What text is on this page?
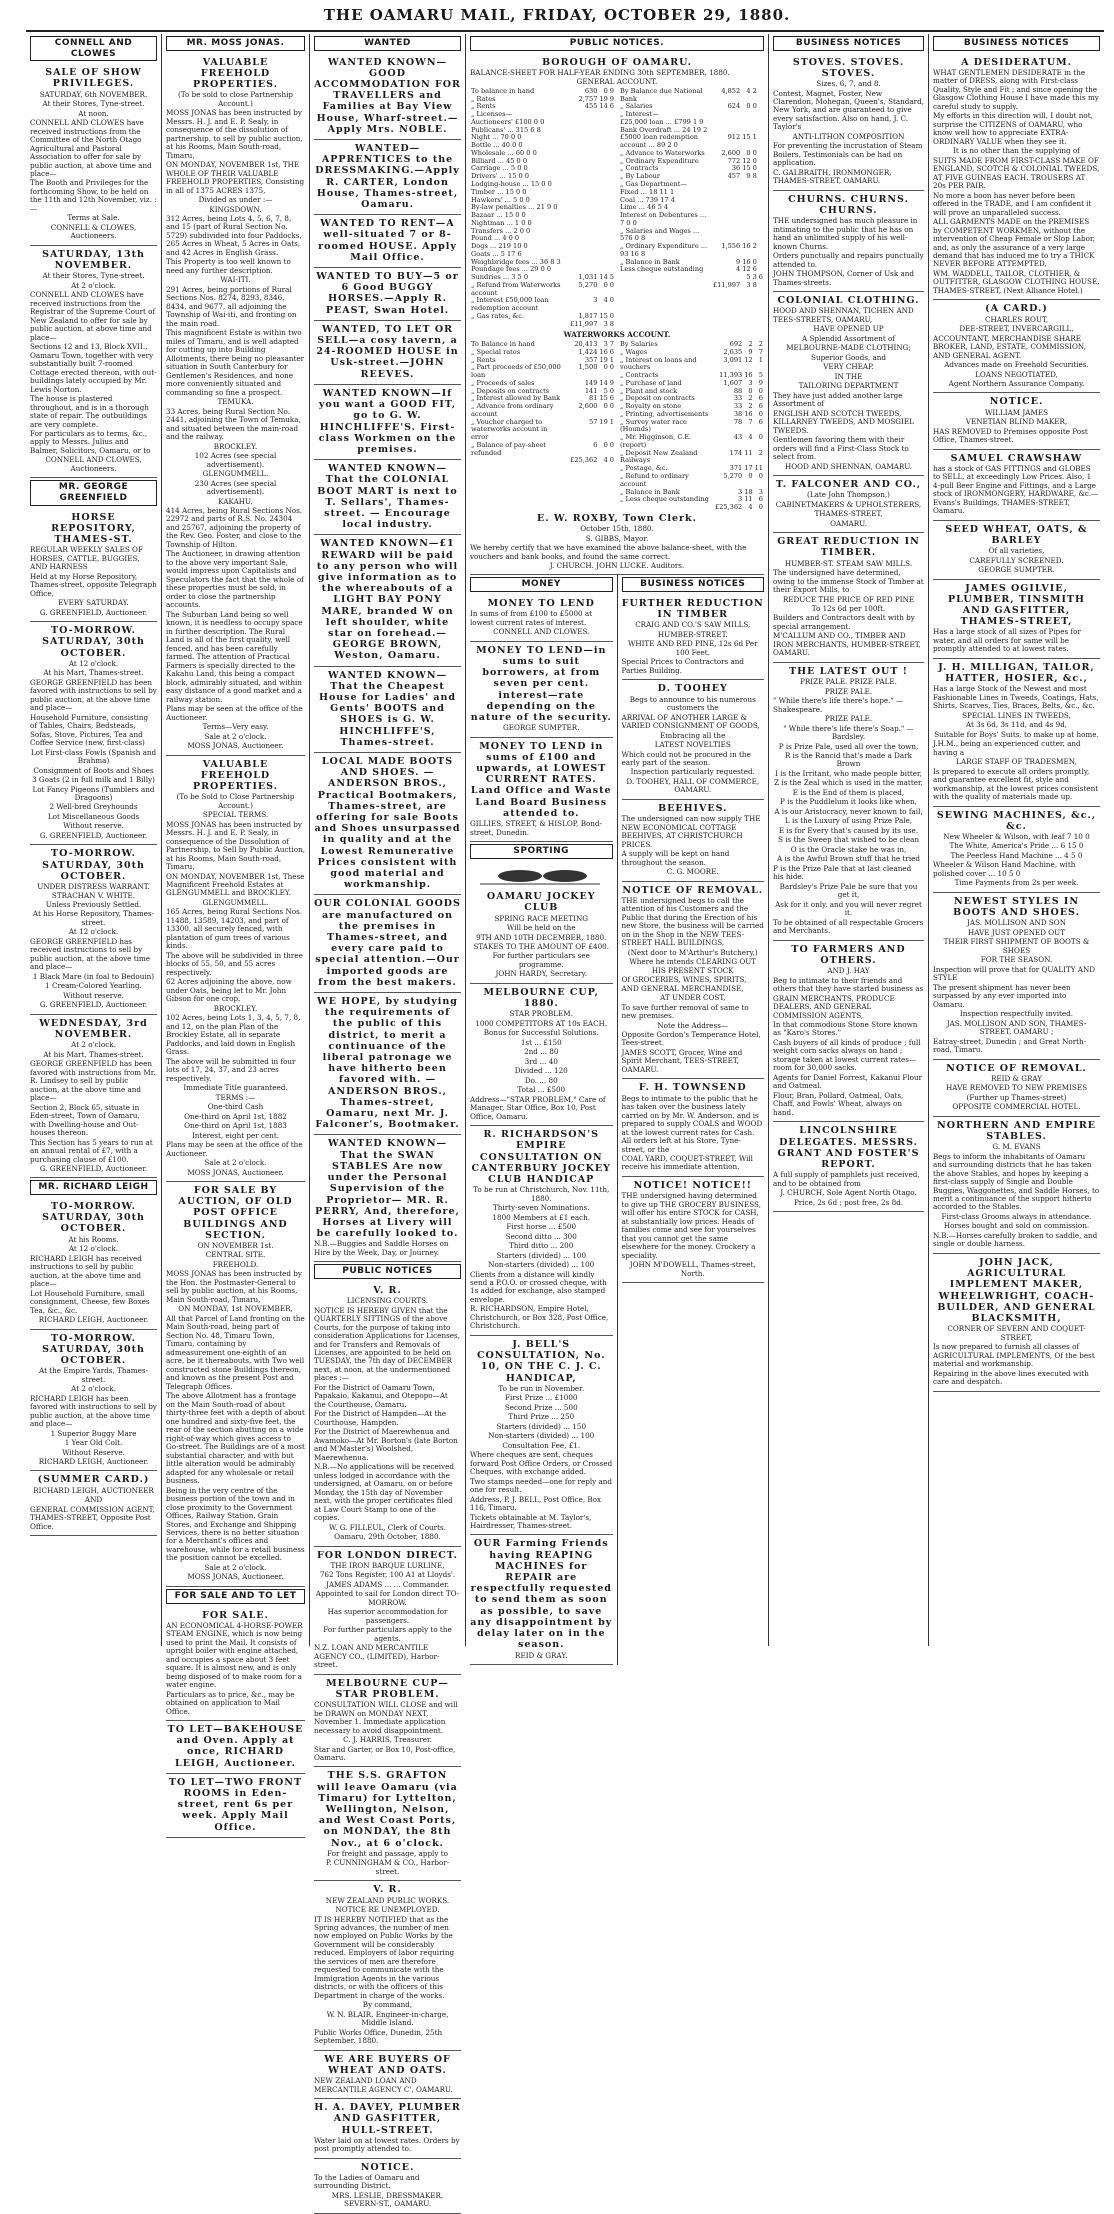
THE OAMARU MAIL, FRIDAY, OCTOBER 29, 1880.
CONNELL AND CLOWES

SALE OF SHOW PRIVILEGES.

SATURDAY, 6th NOVEMBER.

At their Stores, Tyne-street.

At noon.

CONNELL AND CLOWES have received instructions from the Committee of the North Otago Agricultural and Pastoral Association to offer for sale by public auction, at above time and place—

The Booth and Privileges for the forthcoming Show, to be held on the 11th and 12th November, viz. :—

Terms at Sale.

CONNELL & CLOWES, Auctioneers.

SATURDAY, 13th NOVEMBER.

At their Stores, Tyne-street.

At 2 o'clock.

CONNELL AND CLOWES have received instructions from the Registrar of the Supreme Court of New Zealand to offer for sale by public auction, at above time and place—

Sections 12 and 13, Block XVII., Oamaru Town, together with very substantially built 7-roomed Cottage erected thereon, with out-buildings lately occupied by Mr. Lewis Norton.

The house is plastered throughout, and is in a thorough state of repair. The outbuildings are very complete.

For particulars as to terms, &c., apply to Messrs. Julius and Balmer, Solicitors, Oamaru, or to

CONNELL AND CLOWES, Auctioneers.

MR. GEORGE GREENFIELD

HORSE REPOSITORY, THAMES-ST.

REGULAR WEEKLY SALES OF HORSES, CATTLE, BUGGIES, AND HARNESS

Held at my Horse Repository, Thames-street, opposite Telegraph Office,

EVERY SATURDAY.

G. GREENFIELD, Auctioneer.

TO-MORROW. SATURDAY, 30th OCTOBER.

At 12 o'clock.

At his Mart, Thames-street.

GEORGE GREENFIELD has been favored with instructions to sell by public auction, at the above time and place—

Household Furniture, consisting of Tables, Chairs, Bedsteads, Sofas, Stove, Pictures, Tea and Coffee Service (new, first-class)

Lot First-class Fowls (Spanish and Brahma)

Consignment of Boots and Shoes

3 Goats (2 in full milk and 1 Billy)

Lot Fancy Pigeons (Tumblers and Dragoons)

2 Well-bred Greyhounds

Lot Miscellaneous Goods

Without reserve.

G. GREENFIELD, Auctioneer.

TO-MORROW. SATURDAY, 30th OCTOBER.

UNDER DISTRESS WARRANT. STRACHAN V. WHITE.

Unless Previously Settled.

At his Horse Repository, Thames-street.

At 12 o'clock.

GEORGE GREENFIELD has received instructions to sell by public auction, at the above time and place—

1 Black Mare (in foal to Bedouin)

1 Cream-Colored Yearling.

Without reserve.

G. GREENFIELD, Auctioneer.

WEDNESDAY, 3rd NOVEMBER.

At 2 o'clock.

At his Mart, Thames-street.

GEORGE GREENFIELD has been favored with instructions from Mr. R. Lindsey to sell by public auction, at the above time and place—

Section 2, Block 65, situate in Eden-street, Town of Oamaru, with Dwelling-house and Out-houses thereon.

This Section has 5 years to run at an annual rental of £7, with a purchasing clause of £100.

G. GREENFIELD, Auctioneer.

MR. RICHARD LEIGH

TO-MORROW. SATURDAY, 30th OCTOBER.

At his Rooms.

At 12 o'clock.

RICHARD LEIGH has received instructions to sell by public auction, at the above time and place—

Lot Household Furniture, small consignment, Cheese, few Boxes Tea, &c., &c.

RICHARD LEIGH, Auctioneer.

TO-MORROW. SATURDAY, 30th OCTOBER.

At the Empire Yards, Thames-street.

At 2 o'clock.

RICHARD LEIGH has been favored with instructions to sell by public auction, at the above time and place—

1 Superior Buggy Mare

1 Year Old Colt.

Without Reserve.

RICHARD LEIGH, Auctioneer.

(SUMMER CARD.)

RICHARD LEIGH, AUCTIONEER

AND

GENERAL COMMISSION AGENT, THAMES-STREET, Opposite Post Office.

MR. MOSS JONAS.

VALUABLE FREEHOLD PROPERTIES.

(To be sold to close Partnership Account.)

MOSS JONAS has been instructed by Messrs. H. J. and E. P. Sealy, in consequence of the dissolution of partnership, to sell by public auction, at his Rooms, Main South-road, Timaru,

ON MONDAY, NOVEMBER 1st, THE WHOLE OF THEIR VALUABLE FREEHOLD PROPERTIES, Consisting in all of 1375 ACRES 1375,

Divided as under :—

KINGSDOWN.

312 Acres, being Lots 4, 5, 6, 7, 8, and 15 (part of Rural Section No. 5729) subdivided into four Paddocks, 265 Acres in Wheat, 5 Acres in Oats, and 42 Acres in English Grass.

This Property is too well known to need any further description.

WAI-ITI.

291 Acres, being portions of Rural Sections Nos. 8274, 8293, 8346, 8434, and 9677, all adjoining the Township of Wai-iti, and fronting on the main road.

This magnificent Estate is within two miles of Timaru, and is well adapted for cutting up into Building Allotments, there being no pleasanter situation in South Canterbury for Gentlemen's Residences, and none more conveniently situated and commanding so fine a prospect.

TEMUKA.

33 Acres, being Rural Section No. 2441, adjoining the Town of Temuka, and situated between the main-road and the railway.

BROCKLEY.

102 Acres (see special advertisement).

GLENGUMMELL.

230 Acres (see special advertisement).

KAKAHU.

414 Acres, being Rural Sections Nos. 22972 and parts of R.S. No. 24304 and 25767, adjoining the property of the Rev. Geo. Foster, and close to the Township of Hilton.

The Auctioneer, in drawing attention to the above very important Sale, would impress upon Capitalists and Speculators the fact that the whole of these properties must be sold, in order to close the partnership accounts.

The Suburban Land being so well known, it is needless to occupy space in further description. The Rural Land is all of the first quality, well fenced, and has been carefully farmed. The attention of Practical Farmers is specially directed to the Kakahu Land, this being a compact block, admirably situated, and within easy distance of a good market and a railway station.

Plans may be seen at the office of the Auctioneer.

Terms—Very easy.

Sale at 2 o'clock.

MOSS JONAS, Auctioneer.

VALUABLE FREEHOLD PROPERTIES.

(To be Sold to Close Partnership Account.)

SPECIAL TERMS.

MOSS JONAS has been instructed by Messrs. H. J. and E. P. Sealy, in consequence of the Dissolution of Partnership, to Sell by Public Auction, at his Rooms, Main South-road, Timaru,

ON MONDAY, NOVEMBER 1st, These Magnificent Freehold Estates at GLENGUMMELL and BROCKLEY.

GLENGUMMELL.

165 Acres, being Rural Sections Nos. 11488, 13589, 14203, and part of 13300, all securely fenced, with plantation of gum trees of various kinds.

The above will be subdivided in three blocks of 55, 50, and 55 acres respectively.

62 Acres adjoining the above, now under Oats, being let to Mr. John Gibson for one crop.

BROCKLEY.

102 Acres, being Lots 1, 3, 4, 5, 7, 8, and 12, on the plan Plan of the Brockley Estate, all in separate Paddocks, and laid down in English Grass.

The above will be submitted in four lots of 17, 24, 37, and 23 acres respectively.

Immediate Title guaranteed.

TERMS :—

One-third Cash

One-third on April 1st, 1882

One-third on April 1st, 1883

Interest, eight per cent.

Plans may be seen at the office of the Auctioneer.

Sale at 2 o'clock.

MOSS JONAS, Auctioneer.

FOR SALE BY AUCTION, OF OLD POST OFFICE BUILDINGS AND SECTION.

ON NOVEMBER 1st.

CENTRAL SITE.

FREEHOLD.

MOSS JONAS has been instructed by the Hon. the Postmaster-General to sell by public auction, at his Rooms, Main South-road, Timaru,

ON MONDAY, 1st NOVEMBER,

All that Parcel of Land fronting on the Main South-road, being part of Section No. 48, Timaru Town, Timaru, containing by admeasurement one-eighth of an acre, be it thereabouts, with Two well constructed stone Buildings thereon, and known as the present Post and Telegraph Offices.

The above Allotment has a frontage on the Main South-road of about thirty-three feet with a depth of about one hundred and sixty-five feet, the rear of the section abutting on a wide right-of-way which gives access to Go-street. The Buildings are of a most substantial character, and with but little alteration would be admirably adapted for any wholesale or retail business.

Being in the very centre of the business portion of the town and in close proximity to the Government Offices, Railway Station, Grain Stores, and Exchange and Shipping Services, there is no better situation for a Merchant's offices and warehouse, while for a retail business the position cannot be excelled.

Sale at 2 o'clock.

MOSS JONAS, Auctioneer.

FOR SALE AND TO LET

FOR SALE.

AN ECONOMICAL 4-HORSE-POWER STEAM ENGINE, which is now being used to print the Mail. It consists of upright boiler with engine attached, and occupies a space about 3 feet square. It is almost new, and is only being disposed of to make room for a water engine.

Particulars as to price, &c., may be obtained on application to Mail Office.

TO LET—BAKEHOUSE and Oven. Apply at once, RICHARD LEIGH, Auctioneer.

TO LET—TWO FRONT ROOMS in Eden-street, rent 6s per week. Apply Mail Office.

WANTED

WANTED KNOWN—GOOD ACCOMMODATION FOR TRAVELLERS and Families at Bay View House, Wharf-street.—Apply Mrs. NOBLE.

WANTED—APPRENTICES to the DRESSMAKING.—Apply R. CARTER, London House, Thames-street, Oamaru.

WANTED TO RENT—A well-situated 7 or 8-roomed HOUSE. Apply Mail Office.

WANTED TO BUY—5 or 6 Good BUGGY HORSES.—Apply R. PEAST, Swan Hotel.

WANTED, TO LET OR SELL—a cosy tavern, a 24-ROOMED HOUSE in Usk-street.—JOHN REEVES.

WANTED KNOWN—If you want a GOOD FIT, go to G. W. HINCHLIFFE'S. First-class Workmen on the premises.

WANTED KNOWN—That the COLONIAL BOOT MART is next to T. Sellars', Thames-street. — Encourage local industry.

WANTED KNOWN—£1 REWARD will be paid to any person who will give information as to the whereabouts of a LIGHT BAY PONY MARE, branded W on left shoulder, white star on forehead.—GEORGE BROWN, Weston, Oamaru.

WANTED KNOWN—That the Cheapest House for Ladies' and Gents' BOOTS and SHOES is G. W. HINCHLIFFE'S, Thames-street.

LOCAL MADE BOOTS AND SHOES. —ANDERSON BROS., Practical Bootmakers, Thames-street, are offering for sale Boots and Shoes unsurpassed in quality and at the Lowest Remunerative Prices consistent with good material and workmanship.

OUR COLONIAL GOODS are manufactured on the premises in Thames-street, and every care paid to special attention.—Our imported goods are from the best makers.

WE HOPE, by studying the requirements of the public of this district, to merit a continuance of the liberal patronage we have hitherto been favored with. —ANDERSON BROS., Thames-street, Oamaru, next Mr. J. Falconer's, Bootmaker.

WANTED KNOWN— That the SWAN STABLES Are now under the Personal Supervision of the Proprietor— MR. R. PERRY, And, therefore, Horses at Livery will be carefully looked to.

N.B.—Buggies and Saddle Horses on Hire by the Week, Day, or Journey.

PUBLIC NOTICES

V. R.

LICENSING COURTS.

NOTICE IS HEREBY GIVEN that the QUARTERLY SITTINGS of the above Courts, for the purpose of taking into consideration Applications for Licenses, and for Transfers and Removals of Licenses, are appointed to be held on TUESDAY, the 7th day of DECEMBER next, at noon, at the undermentioned places :—

For the District of Oamaru Town, Papakaio, Kakanui, and Otepopo—At the Courthouse, Oamaru.

For the District of Hampden—At the Courthouse, Hampden.

For the District of Maerewhenua and Awamoko—At Mr. Borton's (late Borton and M'Master's) Woolshed, Maerewhenua.

N.B.—No applications will be received unless lodged in accordance with the undersigned, at Oamaru, on or before Monday, the 15th day of November next, with the proper certificates filed at Law Court Stamp to one of the copies.

W. G. FILLEUL, Clerk of Courts.

Oamaru, 29th October, 1880.

FOR LONDON DIRECT.

THE IRON BARQUE LURLINE,

762 Tons Register, 100 A1 at Lloyds'.

JAMES ADAMS ... ... Commander.

Appointed to sail for London direct TO-MORROW.

Has superior accommodation for passengers.

For further particulars apply to the agents.

N.Z. LOAN AND MERCANTILE AGENCY CO., (LIMITED), Harbor-street.

MELBOURNE CUP—STAR PROBLEM.

CONSULTATION WILL CLOSE and will be DRAWN on MONDAY NEXT, November 1. Immediate application necessary to avoid disappointment.

C. J. HARRIS, Treasurer.

Star and Garter, or Box 10, Post-office, Oamaru.

THE S.S. GRAFTON will leave Oamaru (via Timaru) for Lyttelton, Wellington, Nelson, and West Coast Ports, on MONDAY, the 8th Nov., at 6 o'clock.

For freight and passage, apply to

P. CUNNINGHAM & CO., Harbor-street.

V. R.

NEW ZEALAND PUBLIC WORKS.

NOTICE RE UNEMPLOYED.

IT IS HEREBY NOTIFIED that as the Spring advances, the number of men now employed on Public Works by the Government will be considerably reduced. Employers of labor requiring the services of men are therefore requested to communicate with the Immigration Agents in the various districts, or with the officers of this Department in charge of the works.

By command,

W. N. BLAIR, Engineer-in-charge, Middle Island.

Public Works Office, Dunedin, 25th September, 1880.

WE ARE BUYERS OF WHEAT AND OATS.

NEW ZEALAND LOAN AND MERCANTILE AGENCY C', OAMARU.

H. A. DAVEY, PLUMBER AND GASFITTER, HULL-STREET.

Water laid on at lowest rates. Orders by post promptly attended to.

NOTICE.

To the Ladies of Oamaru and surrounding District.

MRS. LESLIE, DRESSMAKER, SEVERN-ST., OAMARU.

PUBLIC NOTICES.

BOROUGH OF OAMARU.

BALANCE-SHEET FOR HALF-YEAR ENDING 30th SEPTEMBER, 1880.

GENERAL ACCOUNT.

To balance in hand		630	0	9
„ Rates		2,757	19	9
„ Rents		455	14	6
„ Licenses—				
Auctioneers' £100 0 0				
Publicans' ... 315 6 8				
Night ... 70 0 0				
Bottle ... 40 0 0				
Wholesale ... 60 0 0				
Billiard ... 45 0 0				
Carriage ... 5 0 0				
Drivers' ... 15 0 0				
Lodging-house ... 15 0 0				
Timber ... 15 0 0				
Hawkers' ... 5 0 0				
By-law penalties ... 21 9 0				
Bazaar ... 15 0 0				
Nightman ... 1 0 0				
Transfers ... 2 0 0				
Pound ... 4 0 0				
Dogs ... 219 10 0				
Goats ... 5 17 6				
Weighbridge fees ... 36 8 3				
Poundage fees ... 29 0 0				
Sundries ... 3 5 0		1,031	14	5
„ Refund from Waterworks account		5,270	0	0
„ Interest £50,000 loan redemption account		3	4	0
„ Gas rates, &c.		1,817	15	0
		£11,997	3	8
By Balance due National Bank		4,852	4	2	
„ Salaries		624	0	0	
„ Interest—					
£25,000 loan ... £799 1 9					
Bank Overdraft ... 24 19 2					
£5000 loan redemption account ... 89 2 0		912	15	1	
„ Advance to Waterworks		2,600	0	0	
„ Ordinary Expenditure		772	12	0	
„ Contracts		36	15	0	
„ By Labour		457	9	8	
„ Gas Department—					
Fixed ... 18 11 1					
Coal ... 739 17 4					
Lime ... 46 5 4					
Interest on Debentures ... 7 0 0					
„ Salaries and Wages ... 576 0 8					
„ Ordinary Expenditure ... 93 16 8		1,556	16	2	
„ Balance in Bank		9	16	0	
Less cheque outstanding		4	12	6	
			5	3	6
		£11,997	3	8	
WATERWORKS ACCOUNT.
To Balance in hand		20,413	3	7
„ Special rates		1,424	16	6
„ Rents		357	19	1
„ Part proceeds of £50,000 loan		1,500	0	0
„ Proceeds of sales		149	14	9
„ Deposits on contracts		141	5	0
„ Interest allowed by Bank		81	15	6
„ Advance from ordinary account		2,600	0	0
„ Voucher charged to waterworks account in error		57	19	1
„ Balance of pay-sheet refunded		6	0	0
		£25,362	4	0
By Salaries		692	2	2
„ Wages		2,635	9	7
„ Interest on loans and vouchers		3,091	12	1
„ Contracts		11,393	16	5
„ Purchase of land		1,607	3	9
„ Plant and stock		88	0	0
„ Deposit on contracts		33	2	6
„ Royalty on stone		33	2	6
„ Printing, advertisements		38	16	0
„ Survey water race (Hounds)		78	7	6
„ Mr. Higginson, C.E. (report)		43	4	0
„ Deposit New Zealand Railways		174	11	2
„ Postage, &c.		371	17	11
„ Refund to ordinary account		5,270	0	0
„ Balance in Bank		3	18	3
„ Less cheque outstanding		3	11	6
		£25,362	4	0

E. W. ROXBY, Town Clerk.

October 15th, 1880.

S. GIBBS, Mayor.

We hereby certify that we have examined the above balance-sheet, with the vouchers and bank books, and found the same correct.

J. CHURCH. JOHN LUCKE. Auditors.

MONEY

MONEY TO LEND

In sums of from £100 to £5000 at lowest current rates of interest.

CONNELL AND CLOWES.

MONEY TO LEND—in sums to suit borrowers, at from seven per cent. interest—rate depending on the nature of the security.

GEORGE SUMPTER.

MONEY TO LEND in sums of £100 and upwards, at LOWEST CURRENT RATES. Land Office and Waste Land Board Business attended to.

GILLIES, STREET, & HISLOP, Bond-street, Dunedin.

SPORTING

OAMARU JOCKEY CLUB

SPRING RACE MEETING

Will be held on the

9TH AND 10TH DECEMBER, 1880.

STAKES TO THE AMOUNT OF £400.

For further particulars see programme.

JOHN HARDY, Secretary.

MELBOURNE CUP, 1880.

STAR PROBLEM.

1000 COMPETITORS AT 10s EACH.

Bonus for Successful Solutions.

1st ... £150

2nd ... 80

3rd ... 40

Divided ... 120

Do. ... 80

Total ... £500

Address—"STAR PROBLEM," Care of Manager, Star Office, Box 10, Post Office, Oamaru.

R. RICHARDSON'S EMPIRE CONSULTATION ON CANTERBURY JOCKEY CLUB HANDICAP

To be run at Christchurch, Nov. 11th, 1880.

Thirty-seven Nominations.

1800 Members at £1 each.

First horse ... £500

Second ditto ... 300

Third ditto ... 200

Starters (divided) ... 100

Non-starters (divided) ... 100

Clients from a distance will kindly send a P.O.O. or crossed cheque, with 1s added for exchange, also stamped envelope.

R. RICHARDSON, Empire Hotel, Christchurch, or Box 328, Post Office, Christchurch.

J. BELL'S CONSULTATION, No. 10, ON THE C. J. C. HANDICAP,

To be run in November.

First Prize ... £1000

Second Prize ... 500

Third Prize ... 250

Starters (divided) ... 150

Non-starters (divided) ... 100

Consultation Fee, £1.

Where cheques are sent, cheques forward Post Office Orders, or Crossed Cheques, with exchange added.

Two stamps needed—one for reply and one for result.

Address, P. J. BELL, Post Office, Box 116, Timaru.

Tickets obtainable at M. Taylor's, Hairdresser, Thames-street.

OUR Farming Friends having REAPING MACHINES for REPAIR are respectfully requested to send them as soon as possible, to save any disappointment by delay later on in the season.

REID & GRAY.

BUSINESS NOTICES

FURTHER REDUCTION IN TIMBER

CRAIG AND CO.'S SAW MILLS,

HUMBER-STREET.

WHITE AND RED PINE, 12s 6d Per 100 Feet.

Special Prices to Contractors and Parties Building.

D. TOOHEY

Begs to announce to his numerous customers the

ARRIVAL OF ANOTHER LARGE & VARIED CONSIGNMENT OF GOODS,

Embracing all the

LATEST NOVELTIES

Which could not be procured in the early part of the season.

Inspection particularly requested.

D. TOOHEY, HALL OF COMMERCE, OAMARU.

BEEHIVES.

The undersigned can now supply THE NEW ECONOMICAL COTTAGE BEEHIVES, AT CHRISTCHURCH PRICES.

A supply will be kept on hand throughout the season.

C. G. MOORE.

NOTICE OF REMOVAL.

THE undersigned begs to call the attention of his Customers and the Public that during the Erection of his new Store, the business will be carried on in the Shop in the NEW TEES-STREET HALL BUILDINGS,

(Next door to M'Arthur's Butchery,)

Where he intends CLEARING OUT HIS PRESENT STOCK

Of GROCERIES, WINES, SPIRITS, AND GENERAL MERCHANDISE,

AT UNDER COST,

To save further removal of same to new premises.

Note the Address—

Opposite Gordon's Temperance Hotel, Tees-street.

JAMES SCOTT, Grocer, Wine and Spirit Merchant, TEES-STREET, OAMARU.

F. H. TOWNSEND

Begs to intimate to the public that he has taken over the business lately carried on by Mr. W. Anderson, and is prepared to supply COALS and WOOD at the lowest current rates for Cash. All orders left at his Store, Tyne-street, or the

COAL YARD, COQUET-STREET, Will receive his immediate attention.

NOTICE! NOTICE!!

THE undersigned having determined to give up THE GROCERY BUSINESS, will offer his entire STOCK for CASH, at substantially low prices. Heads of families come and see for yourselves that you cannot get the same elsewhere for the money. Crockery a speciality.

JOHN M'DOWELL, Thames-street, North.

BUSINESS NOTICES

STOVES. STOVES. STOVES.

Sizes, 6, 7, and 8.

Contest, Magnet, Foster, New Clarendon, Mohegan, Queen's, Standard, New York, and are guaranteed to give every satisfaction. Also on hand, J. C. Taylor's

ANTI-LITHON COMPOSITION

For preventing the incrustation of Steam Boilers. Testimonials can be had on application.

C. GALBRAITH, IRONMONGER, THAMES-STREET, OAMARU.

CHURNS. CHURNS. CHURNS.

THE undersigned has much pleasure in intimating to the public that he has on hand an unlimited supply of his well-known Churns.

Orders punctually and repairs punctually attended to.

JOHN THOMPSON, Corner of Usk and Thames-streets.

COLONIAL CLOTHING.

HOOD AND SHENNAN, TICHEN AND TEES-STREETS, OAMARU,

HAVE OPENED UP

A Splendid Assortment of

MELBOURNE-MADE CLOTHING;

Superior Goods, and

VERY CHEAP.

IN THE

TAILORING DEPARTMENT

They have just added another large Assortment of

ENGLISH AND SCOTCH TWEEDS, KILLARNEY TWEEDS, AND MOSGIEL TWEEDS.

Gentlemen favoring them with their orders will find a First-Class Stock to select from.

HOOD AND SHENNAN, OAMARU.

T. FALCONER AND CO.,

(Late John Thompson,)

CABINETMAKERS & UPHOLSTERERS,

THAMES-STREET,

OAMARU.

GREAT REDUCTION IN TIMBER.

HUMBER-ST. STEAM SAW MILLS.

The undersigned have determined, owing to the immense Stock of Timber at their Export Mills, to

REDUCE THE PRICE OF RED PINE

To 12s 6d per 100ft.

Builders and Contractors dealt with by special arrangement.

M'CALLUM AND CO., TIMBER AND IRON MERCHANTS, HUMBER-STREET, OAMARU.

THE LATEST OUT !

PRIZE PALE. PRIZE PALE.

PRIZE PALE.

" While there's life there's hope." —Shakespeare.

PRIZE PALE.

" While there's life there's Soap." —Bardsley.

P is Prize Pale, used all over the town,

R is the Rancid that's made a Dark Brown

I is the Irritant, who made people bitter,

Z is the Zeal which is used in the matter,

E is the End of them is placed,

P is the Puddlelum it looks like when,

A is our Aristocracy, never known to fail,

L is the Luxury of using Prize Pale,

E is for Every that's caused by its use.

S is the Sweep that wished to be clean

O is the Oracle stake he was in,

A is the Awful Brown stuff that he tried

P is the Prize Pale that at last cleaned his hide.

Bardsley's Prize Pale be sure that you get it,

Ask for it only, and you will never regret it.

To be obtained of all respectable Grocers and Merchants.

TO FARMERS AND OTHERS.

AND J. HAY

Beg to intimate to their friends and others that they have started business as

GRAIN MERCHANTS, PRODUCE DEALERS, AND GENERAL COMMISSION AGENTS,

In that commodious Stone Store known as "Karo's Stores."

Cash buyers of all kinds of produce ; full weight corn sacks always on hand ; storage taken at lowest current rates—room for 30,000 sacks.

Agents for Daniel Forrest, Kakanui Flour and Oatmeal.

Flour, Bran, Pollard, Oatmeal, Oats, Chaff, and Fowls' Wheat, always on hand.

LINCOLNSHIRE DELEGATES. MESSRS. GRANT AND FOSTER'S REPORT.

A full supply of pamphlets just received, and to be obtained from

J. CHURCH, Sole Agent North Otago.

Price, 2s 6d ; post free, 2s 8d.

BUSINESS NOTICES

A DESIDERATUM.

WHAT GENTLEMEN DESIDERATE in the matter of DRESS, along with First-class Quality, Style and Fit ; and since opening the Glasgow Clothing House I have made this my careful study to supply.

My efforts in this direction will, I doubt not, surprise the CITIZENS of OAMARU, who know well how to appreciate EXTRA-ORDINARY VALUE when they see it.

It is no other than the supplying of

SUITS MADE FROM FIRST-CLASS MAKE OF ENGLAND, SCOTCH & COLONIAL TWEEDS, AT FIVE GUINEAS EACH. TROUSERS AT 20s PER PAIR.

No more a boon has never before been offered in the TRADE, and I am confident it will prove an unparalleled success.

ALL GARMENTS MADE on the PREMISES by COMPETENT WORKMEN, without the intervention of Cheap Female or Slop Labor, and, as only the assurance of a very large demand that has induced me to try a THICK NEVER BEFORE ATTEMPTED,

WM. WADDELL, TAILOR, CLOTHIER, & OUTFITTER, GLASGOW CLOTHING HOUSE, THAMES-STREET, (Next Alliance Hotel.)

(A CARD.)

CHARLES ROUT,

DEE-STREET, INVERCARGILL,

ACCOUNTANT, MERCHANDISE SHARE BROKER, LAND, ESTATE, COMMISSION, AND GENERAL AGENT.

Advances made on Freehold Securities.

LOANS NEGOTIATED,

Agent Northern Assurance Company.

NOTICE.

WILLIAM JAMES

VENETIAN BLIND MAKER,

HAS REMOVED to Premises opposite Post Office, Thames-street.

SAMUEL CRAWSHAW

has a stock of GAS FITTINGS and GLOBES to SELL, at exceedingly Low Prices. Also, 1 4-pull Beer Engine and Fittings, and a Large stock of IRONMONGERY, HARDWARE, &c.—Evans's Buildings, THAMES-STREET, Oamaru.

SEED WHEAT, OATS, & BARLEY

Of all varieties,

CAREFULLY SCREENED.

GEORGE SUMPTER.

JAMES OGILVIE, PLUMBER, TINSMITH AND GASFITTER, THAMES-STREET,

Has a large stock of all sizes of Pipes for water, and all orders for same will be promptly attended to at lowest rates.

J. H. MILLIGAN, TAILOR, HATTER, HOSIER, &c.,

Has a large Stock of the Newest and most Fashionable Lines in Tweeds, Coatings, Hats, Shirts, Scarves, Ties, Braces, Belts, &c., &c.

SPECIAL LINES IN TWEEDS,

At 3s 6d, 3s 11d, and 4s 9d,

Suitable for Boys' Suits, to make up at home.

J.H.M., being an experienced cutter, and having a

LARGE STAFF OF TRADESMEN,

Is prepared to execute all orders promptly, and guarantee excellent fit, style and workmanship, at the lowest prices consistent with the quality of materials made up.

SEWING MACHINES, &c., &c.

New Wheeler & Wilson, with leaf 7 10 0

The White, America's Pride ... 6 15 0

The Peerless Hand Machine ... 4 5 0

Wheeler & Wilson Hand Machine, with polished cover ... 10 5 0

Time Payments from 2s per week.

NEWEST STYLES IN BOOTS AND SHOES.

JAS. MOLLISON AND SON

HAVE JUST OPENED OUT

THEIR FIRST SHIPMENT OF BOOTS & SHOES

FOR THE SEASON.

Inspection will prove that for QUALITY AND STYLE

The present shipment has never been surpassed by any ever imported into Oamaru.

Inspection respectfully invited.

JAS. MOLLISON AND SON, THAMES-STREET, OAMARU ;

Eatray-street, Dunedin ; and Great North-road, Timaru.

NOTICE OF REMOVAL.

REID & GRAY

HAVE REMOVED TO NEW PREMISES

(Further up Thames-street)

OPPOSITE COMMERCIAL HOTEL.

NORTHERN AND EMPIRE STABLES.

G. M. EVANS

Begs to inform the inhabitants of Oamaru and surrounding districts that he has taken the above Stables, and hopes by keeping a first-class supply of Single and Double Buggies, Waggonettes, and Saddle Horses, to merit a continuance of the support hitherto accorded to the Stables.

First-class Grooms always in attendance.

Horses bought and sold on commission.

N.B.—Horses carefully broken to saddle, and single or double harness.

JOHN JACK, AGRICULTURAL IMPLEMENT MAKER, WHEELWRIGHT, COACH-BUILDER, AND GENERAL BLACKSMITH,

CORNER OF SEVERN AND COQUET-STREET,

Is now prepared to furnish all classes of AGRICULTURAL IMPLEMENTS, Of the best material and workmanship.

Repairing in the above lines executed with care and despatch.
